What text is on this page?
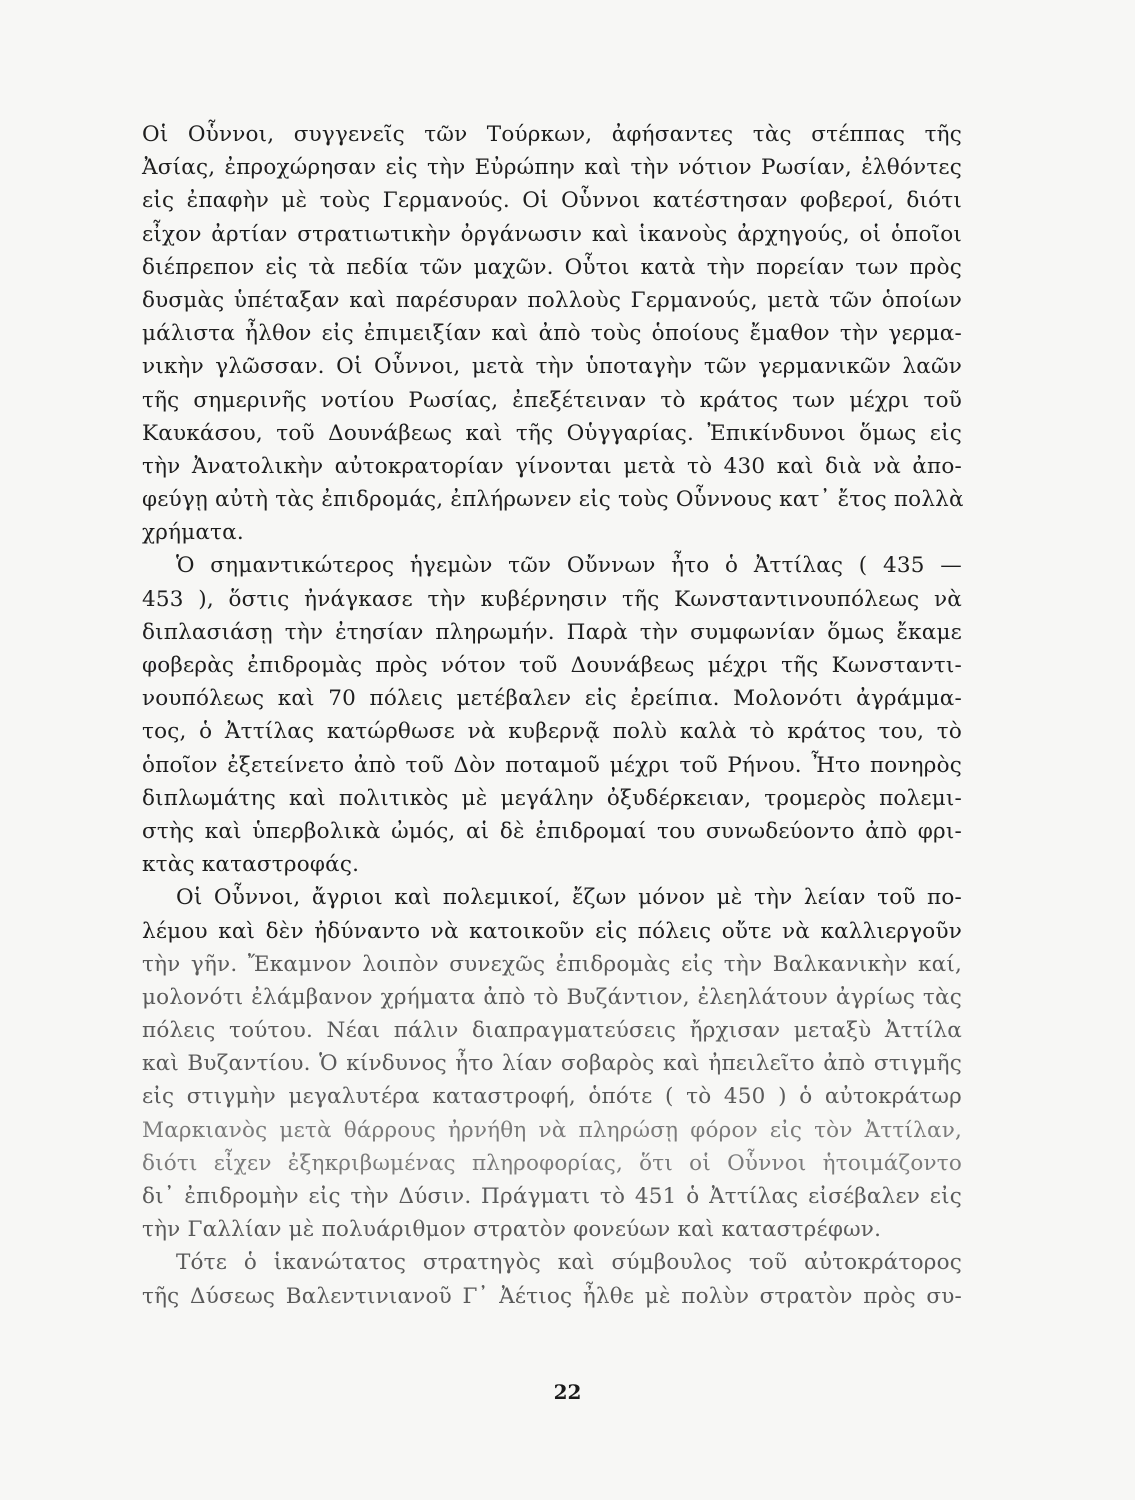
Οἱ Οὗννοι, συγγενεῖς τῶν Τούρκων, ἀφήσαντες τὰς στέππας τῆς
Ἀσίας, ἐπροχώρησαν εἰς τὴν Εὐρώπην καὶ τὴν νότιον Ρωσίαν, ἐλθόντες
εἰς ἐπαφὴν μὲ τοὺς Γερμανούς. Οἱ Οὗννοι κατέστησαν φοβεροί, διότι
εἶχον ἀρτίαν στρατιωτικὴν ὀργάνωσιν καὶ ἱκανοὺς ἀρχηγούς, οἱ ὁποῖοι
διέπρεπον εἰς τὰ πεδία τῶν μαχῶν. Οὗτοι κατὰ τὴν πορείαν των πρὸς
δυσμὰς ὑπέταξαν καὶ παρέσυραν πολλοὺς Γερμανούς, μετὰ τῶν ὁποίων
μάλιστα ἦλθον εἰς ἐπιμειξίαν καὶ ἀπὸ τοὺς ὁποίους ἔμαθον τὴν γερμα-
νικὴν γλῶσσαν. Οἱ Οὗννοι, μετὰ τὴν ὑποταγὴν τῶν γερμανικῶν λαῶν
τῆς σημερινῆς νοτίου Ρωσίας, ἐπεξέτειναν τὸ κράτος των μέχρι τοῦ
Καυκάσου, τοῦ Δουνάβεως καὶ τῆς Οὑγγαρίας. Ἐπικίνδυνοι ὅμως εἰς
τὴν Ἀνατολικὴν αὐτοκρατορίαν γίνονται μετὰ τὸ 430 καὶ διὰ νὰ ἀπο-
φεύγῃ αὐτὴ τὰς ἐπιδρομάς, ἐπλήρωνεν εἰς τοὺς Οὗννους κατ᾽ ἔτος πολλὰ
χρήματα.
Ὁ σημαντικώτερος ἡγεμὼν τῶν Οὔννων ἦτο ὁ Ἀττίλας ( 435 —
453 ), ὅστις ἠνάγκασε τὴν κυβέρνησιν τῆς Κωνσταντινουπόλεως νὰ
διπλασιάσῃ τὴν ἐτησίαν πληρωμήν. Παρὰ τὴν συμφωνίαν ὅμως ἔκαμε
φοβερὰς ἐπιδρομὰς πρὸς νότον τοῦ Δουνάβεως μέχρι τῆς Κωνσταντι-
νουπόλεως καὶ 70 πόλεις μετέβαλεν εἰς ἐρείπια. Μολονότι ἀγράμμα-
τος, ὁ Ἀττίλας κατώρθωσε νὰ κυβερνᾷ πολὺ καλὰ τὸ κράτος του, τὸ
ὁποῖον ἐξετείνετο ἀπὸ τοῦ Δὸν ποταμοῦ μέχρι τοῦ Ρήνου. Ἦτο πονηρὸς
διπλωμάτης καὶ πολιτικὸς μὲ μεγάλην ὀξυδέρκειαν, τρομερὸς πολεμι-
στὴς καὶ ὑπερβολικὰ ὠμός, αἱ δὲ ἐπιδρομαί του συνωδεύοντο ἀπὸ φρι-
κτὰς καταστροφάς.
Οἱ Οὗννοι, ἄγριοι καὶ πολεμικοί, ἔζων μόνον μὲ τὴν λείαν τοῦ πο-
λέμου καὶ δὲν ἠδύναντο νὰ κατοικοῦν εἰς πόλεις οὔτε νὰ καλλιεργοῦν
τὴν γῆν. Ἔκαμνον λοιπὸν συνεχῶς ἐπιδρομὰς εἰς τὴν Βαλκανικὴν καί,
μολονότι ἐλάμβανον χρήματα ἀπὸ τὸ Βυζάντιον, ἐλεηλάτουν ἀγρίως τὰς
πόλεις τούτου. Νέαι πάλιν διαπραγματεύσεις ἤρχισαν μεταξὺ Ἀττίλα
καὶ Βυζαντίου. Ὁ κίνδυνος ἦτο λίαν σοβαρὸς καὶ ἠπειλεῖτο ἀπὸ στιγμῆς
εἰς στιγμὴν μεγαλυτέρα καταστροφή, ὁπότε ( τὸ 450 ) ὁ αὐτοκράτωρ
Μαρκιανὸς μετὰ θάρρους ἠρνήθη νὰ πληρώσῃ φόρον εἰς τὸν Ἀττίλαν,
διότι εἶχεν ἐξηκριβωμένας πληροφορίας, ὅτι οἱ Οὗννοι ἡτοιμάζοντο
δι᾽ ἐπιδρομὴν εἰς τὴν Δύσιν. Πράγματι τὸ 451 ὁ Ἀττίλας εἰσέβαλεν εἰς
τὴν Γαλλίαν μὲ πολυάριθμον στρατὸν φονεύων καὶ καταστρέφων.
Τότε ὁ ἱκανώτατος στρατηγὸς καὶ σύμβουλος τοῦ αὐτοκράτορος
τῆς Δύσεως Βαλεντινιανοῦ Γ᾽ Ἀέτιος ἦλθε μὲ πολὺν στρατὸν πρὸς συ-
22
